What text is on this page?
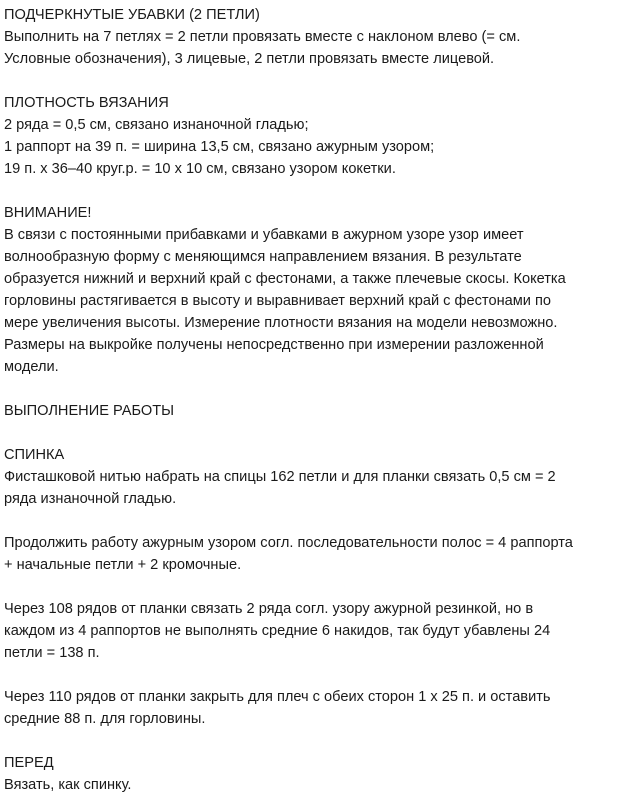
ПОДЧЕРКНУТЫЕ УБАВКИ (2 ПЕТЛИ)
Выполнить на 7 петлях = 2 петли провязать вместе с наклоном влево (= см.
Условные обозначения), 3 лицевые, 2 петли провязать вместе лицевой.
ПЛОТНОСТЬ ВЯЗАНИЯ
2 ряда = 0,5 см, связано изнаночной гладью;
1 раппорт на 39 п. = ширина 13,5 см, связано ажурным узором;
19 п. х 36–40 круг.р. = 10 х 10 см, связано узором кокетки.
ВНИМАНИЕ!
В связи с постоянными прибавками и убавками в ажурном узоре узор имеет
волнообразную форму с меняющимся направлением вязания. В результате
образуется нижний и верхний край с фестонами, а также плечевые скосы. Кокетка
горловины растягивается в высоту и выравнивает верхний край с фестонами по
мере увеличения высоты. Измерение плотности вязания на модели невозможно.
Размеры на выкройке получены непосредственно при измерении разложенной
модели.
ВЫПОЛНЕНИЕ РАБОТЫ
СПИНКА
Фисташковой нитью набрать на спицы 162 петли и для планки связать 0,5 см = 2
ряда изнаночной гладью.
Продолжить работу ажурным узором согл. последовательности полос = 4 раппорта
+ начальные петли + 2 кромочные.
Через 108 рядов от планки связать 2 ряда согл. узору ажурной резинкой, но в
каждом из 4 раппортов не выполнять средние 6 накидов, так будут убавлены 24
петли = 138 п.
Через 110 рядов от планки закрыть для плеч с обеих сторон 1 х 25 п. и оставить
средние 88 п. для горловины.
ПЕРЕД
Вязать, как спинку.
